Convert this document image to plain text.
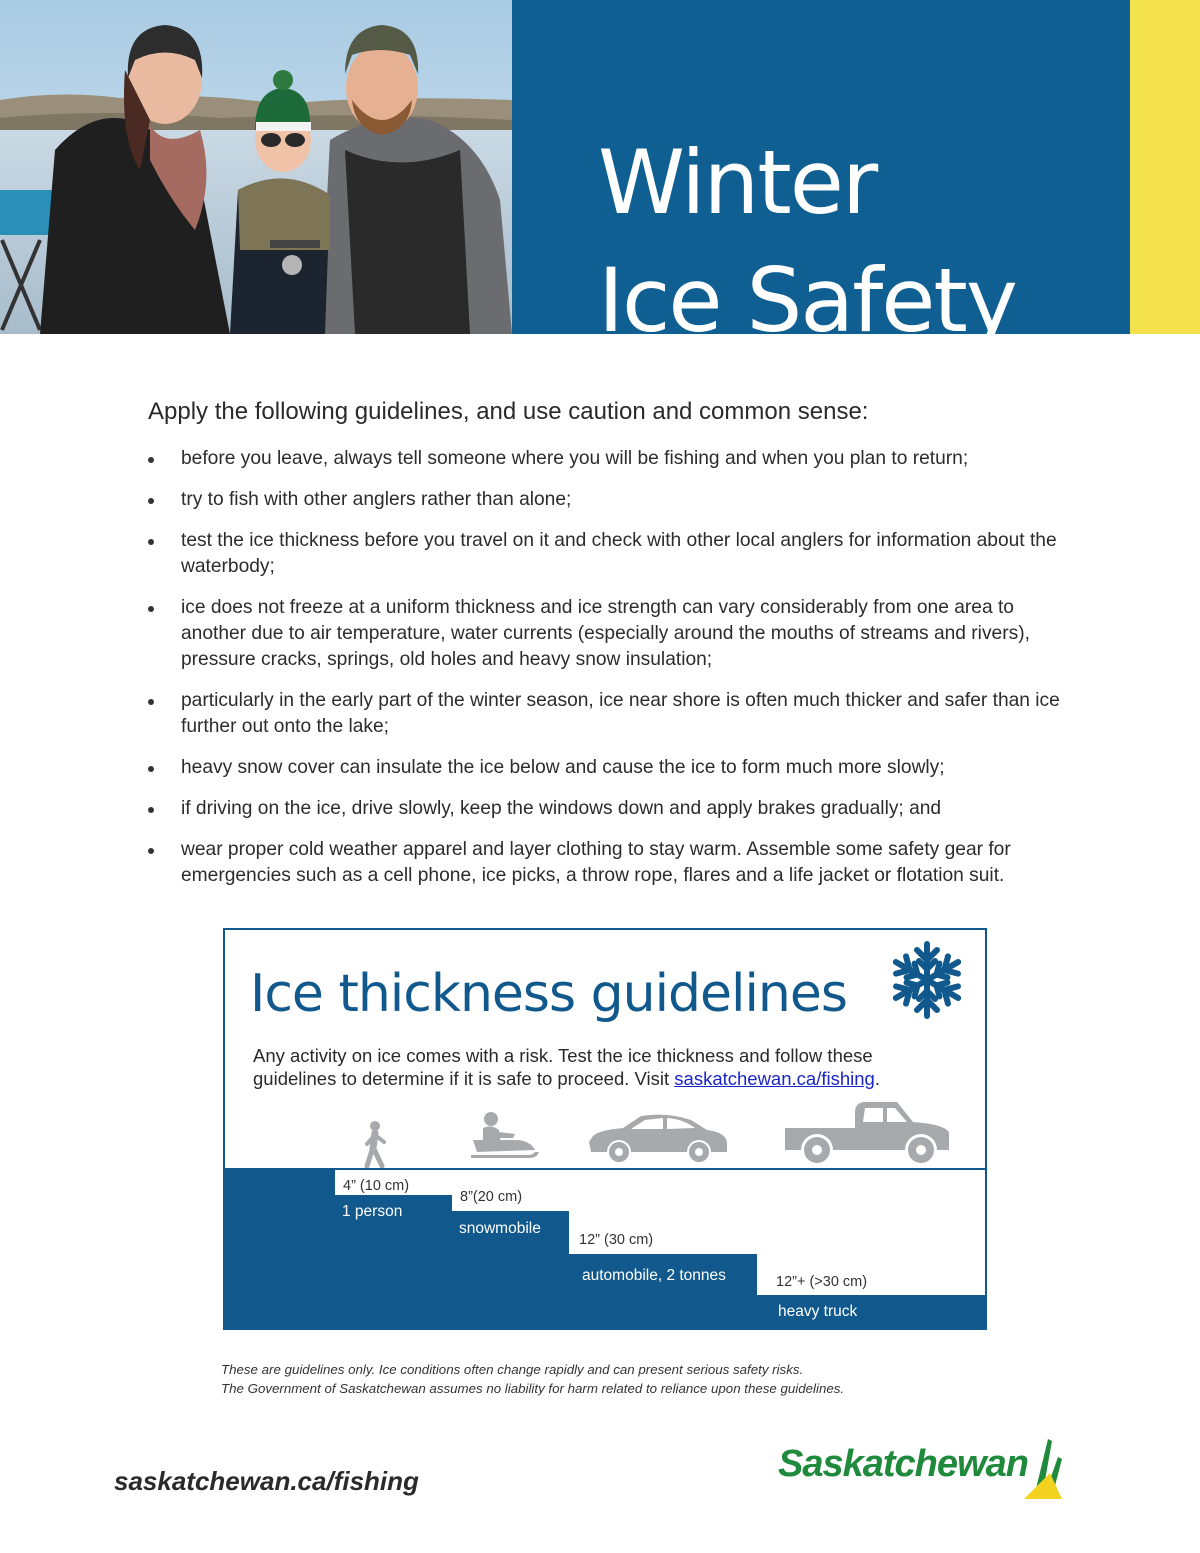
Winter
Ice Safety
Apply the following guidelines, and use caution and common sense:
before you leave, always tell someone where you will be fishing and when you plan to return;
try to fish with other anglers rather than alone;
test the ice thickness before you travel on it and check with other local anglers for information about the waterbody;
ice does not freeze at a uniform thickness and ice strength can vary considerably from one area to another due to air temperature, water currents (especially around the mouths of streams and rivers), pressure cracks, springs, old holes and heavy snow insulation;
particularly in the early part of the winter season, ice near shore is often much thicker and safer than ice further out onto the lake;
heavy snow cover can insulate the ice below and cause the ice to form much more slowly;
if driving on the ice, drive slowly, keep the windows down and apply brakes gradually; and
wear proper cold weather apparel and layer clothing to stay warm. Assemble some safety gear for emergencies such as a cell phone, ice picks, a throw rope, flares and a life jacket or flotation suit.
Ice thickness guidelines
Any activity on ice comes with a risk. Test the ice thickness and follow these guidelines to determine if it is safe to proceed. Visit saskatchewan.ca/fishing.
4” (10 cm)
1 person
8”(20 cm)
snowmobile
12” (30 cm)
automobile, 2 tonnes	12”+ (>30 cm)
heavy truck
These are guidelines only. Ice conditions often change rapidly and can present serious safety risks.
The Government of Saskatchewan assumes no liability for harm related to reliance upon these guidelines.
saskatchewan.ca/fishing	Saskatchewan
